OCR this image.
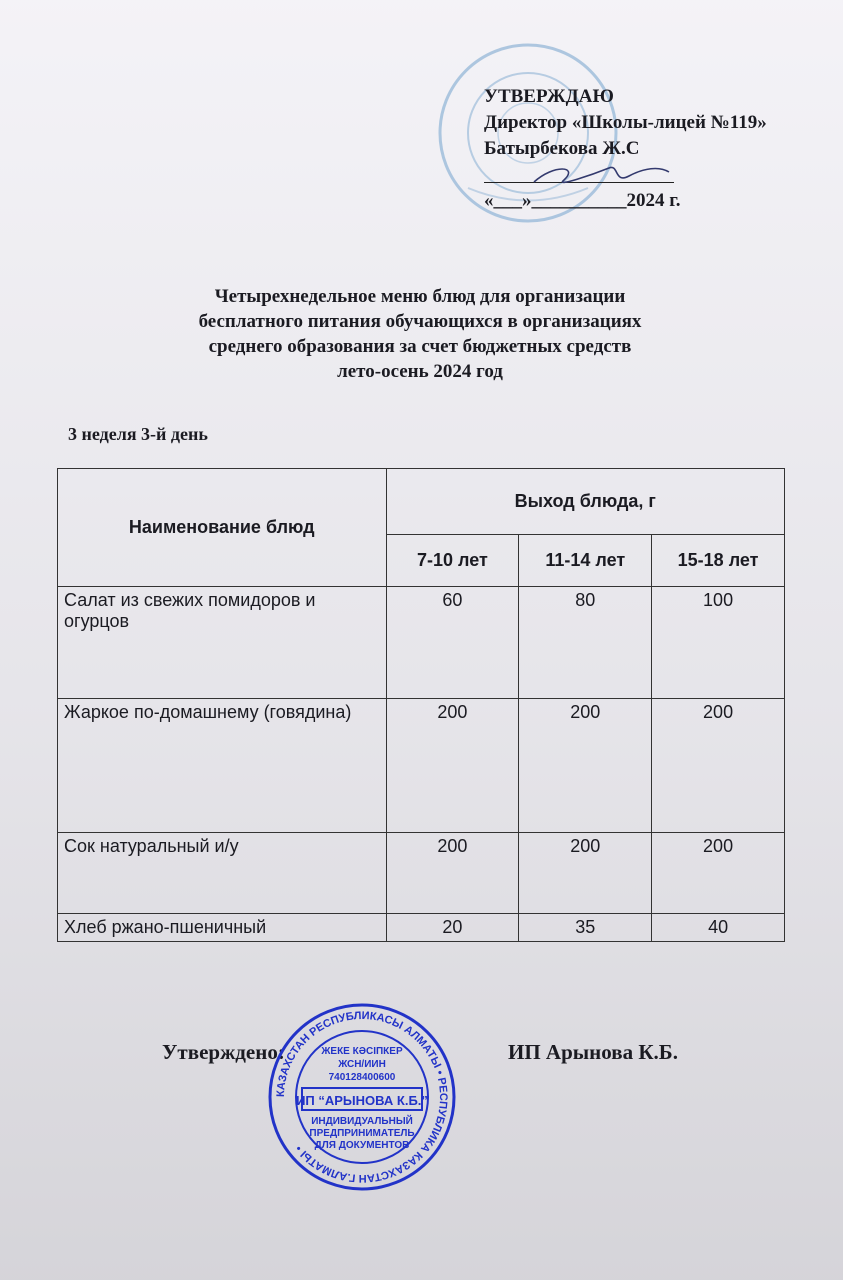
УТВЕРЖДАЮ
Директор «Школы-лицей №119»
Батырбекова Ж.С
«___»__________2024 г.
Четырехнедельное меню блюд для организации
бесплатного питания обучающихся в организациях
среднего образования за счет бюджетных средств
лето-осень 2024 год
3 неделя 3-й день
Наименование блюд	Выход блюда, г		
	7-10 лет	11-14 лет	15-18 лет
Салат из свежих помидоров и огурцов	60	80	100
Жаркое по-домашнему (говядина)	200	200	200
Сок натуральный и/у	200	200	200
Хлеб ржано-пшеничный	20	35	40
Утверждено:	ИП Арынова К.Б.
КАЗАХСТАН РЕСПУБЛИКАСЫ АЛМАТЫ • РЕСПУБЛИКА КАЗАХСТАН Г.АЛМАТЫ •
ЖЕКЕ КӘСІПКЕР
ЖСН/ИИН
740128400600
ИП “АРЫНОВА К.Б.”
ИНДИВИДУАЛЬНЫЙ
ПРЕДПРИНИМАТЕЛЬ
ДЛЯ ДОКУМЕНТОВ
